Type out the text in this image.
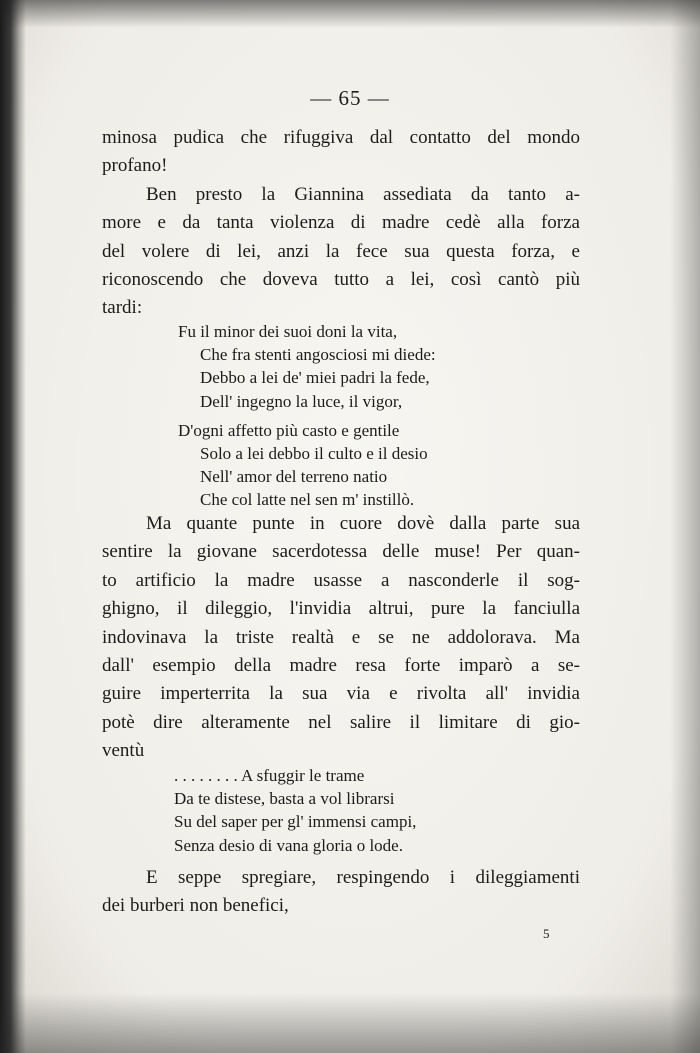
— 65 —
minosa pudica che rifuggiva dal contatto del mondo
profano!
Ben presto la Giannina assediata da tanto a-
more e da tanta violenza di madre cedè alla forza
del volere di lei, anzi la fece sua questa forza, e
riconoscendo che doveva tutto a lei, così cantò più
tardi:
Fu il minor dei suoi doni la vita,
Che fra stenti angosciosi mi diede:
Debbo a lei de' miei padri la fede,
Dell' ingegno la luce, il vigor,
D'ogni affetto più casto e gentile
Solo a lei debbo il culto e il desio
Nell' amor del terreno natio
Che col latte nel sen m' instillò.
Ma quante punte in cuore dovè dalla parte sua
sentire la giovane sacerdotessa delle muse! Per quan-
to artificio la madre usasse a nasconderle il sog-
ghigno, il dileggio, l'invidia altrui, pure la fanciulla
indovinava la triste realtà e se ne addolorava. Ma
dall' esempio della madre resa forte imparò a se-
guire imperterrita la sua via e rivolta all' invidia
potè dire alteramente nel salire il limitare di gio-
ventù
. . . . . . . . A sfuggir le trame
Da te distese, basta a vol librarsi
Su del saper per gl' immensi campi,
Senza desio di vana gloria o lode.
E seppe spregiare, respingendo i dileggiamenti
dei burberi non benefici,
5
